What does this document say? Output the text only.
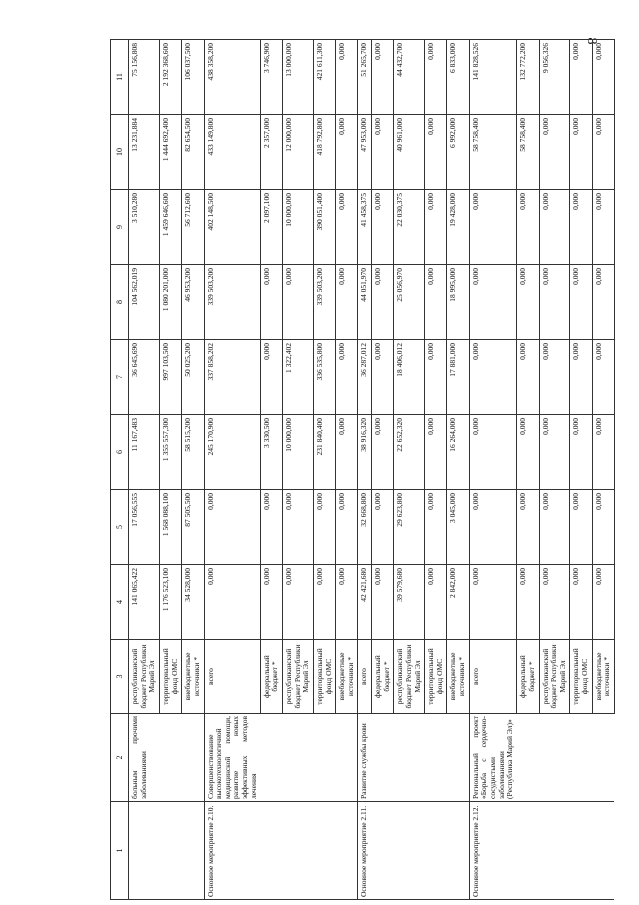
8
1	2	3	4	5	6	7	8	9	10	11
	больным прочими заболеваниями	республиканский бюджет Республики Марий Эл	141 065,422	17 056,555	11 167,483	36 645,690	104 562,019	3 510,280	13 231,884	75 156,808
		территориальный фонд ОМС	1 176 523,100	1 568 088,100	1 355 557,300	997 103,500	1 080 201,000	1 459 646,600	1 444 692,400	2 192 368,600
		внебюджетные источники *	34 528,000	87 505,500	58 515,200	50 025,200	46 953,200	56 712,600	82 654,500	106 037,500
Основное мероприятие 2.10.	Совершенствование высокотехнологичной медицинской помощи, развитие новых эффективных методов лечения	всего	0,000	0,000	245 170,900	337 858,202	339 503,200	402 148,500	433 149,800	438 358,200
		федеральный бюджет *	0,000	0,000	3 330,500	0,000	0,000	2 097,100	2 357,000	3 746,900
		республиканский бюджет Республики Марий Эл	0,000	0,000	10 000,000	1 322,402	0,000	10 000,000	12 000,000	13 000,000
		территориальный фонд ОМС	0,000	0,000	231 840,400	336 535,800	339 503,200	390 051,400	418 792,800	421 611,300
		внебюджетные источники *	0,000	0,000	0,000	0,000	0,000	0,000	0,000	0,000
Основное мероприятие 2.11.	Развитие службы крови	всего	42 421,680	32 668,800	38 916,320	36 287,012	44 051,970	41 458,375	47 953,000	51 265,700
		федеральный бюджет *	0,000	0,000	0,000	0,000	0,000	0,000	0,000	0,000
		республиканский бюджет Республики Марий Эл	39 579,680	29 623,800	22 652,320	18 406,012	25 056,970	22 030,375	40 961,000	44 432,700
		территориальный фонд ОМС	0,000	0,000	0,000	0,000	0,000	0,000	0,000	0,000
		внебюджетные источники *	2 842,000	3 045,000	16 264,000	17 881,000	18 995,000	19 428,000	6 992,000	6 833,000
Основное мероприятие 2.12.	Региональный проект «Борьба с сердечно-сосудистыми заболеваниями (Республика Марий Эл)»	всего	0,000	0,000	0,000	0,000	0,000	0,000	58 758,400	141 828,526
		федеральный бюджет *	0,000	0,000	0,000	0,000	0,000	0,000	58 758,400	132 772,200
		республиканский бюджет Республики Марий Эл	0,000	0,000	0,000	0,000	0,000	0,000	0,000	9 056,326
		территориальный фонд ОМС	0,000	0,000	0,000	0,000	0,000	0,000	0,000	0,000
		внебюджетные источники *	0,000	0,000	0,000	0,000	0,000	0,000	0,000	0,000
